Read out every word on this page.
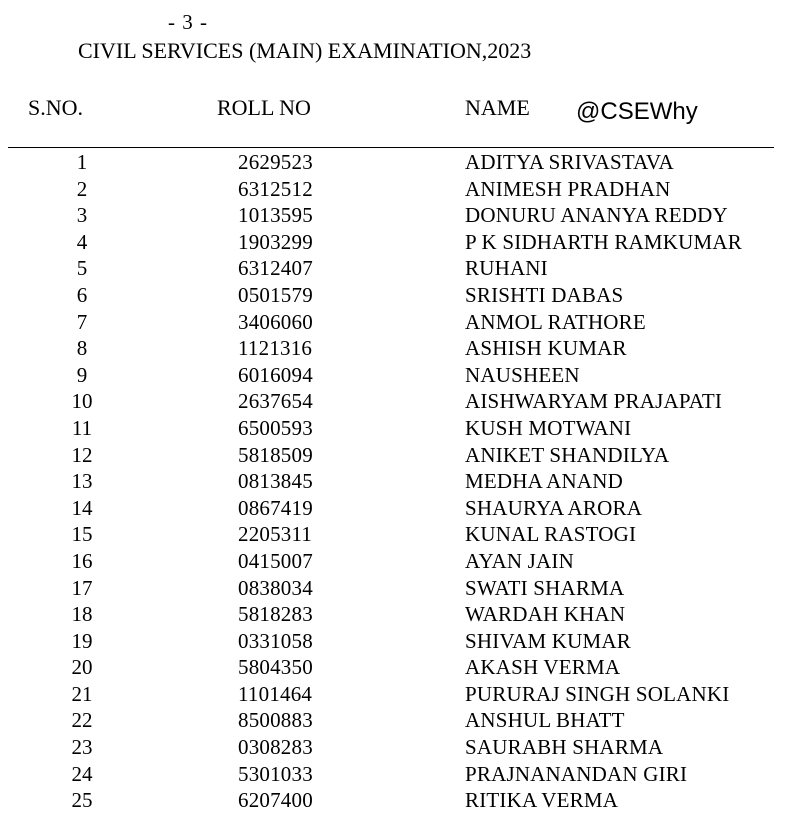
- 3 -
CIVIL SERVICES (MAIN) EXAMINATION,2023
S.NO.	ROLL NO	NAME @CSEWhy
1	2629523	ADITYA SRIVASTAVA
2	6312512	ANIMESH PRADHAN
3	1013595	DONURU ANANYA REDDY
4	1903299	P K SIDHARTH RAMKUMAR
5	6312407	RUHANI
6	0501579	SRISHTI DABAS
7	3406060	ANMOL RATHORE
8	1121316	ASHISH KUMAR
9	6016094	NAUSHEEN
10	2637654	AISHWARYAM PRAJAPATI
11	6500593	KUSH MOTWANI
12	5818509	ANIKET SHANDILYA
13	0813845	MEDHA ANAND
14	0867419	SHAURYA ARORA
15	2205311	KUNAL RASTOGI
16	0415007	AYAN JAIN
17	0838034	SWATI SHARMA
18	5818283	WARDAH KHAN
19	0331058	SHIVAM KUMAR
20	5804350	AKASH VERMA
21	1101464	PURURAJ SINGH SOLANKI
22	8500883	ANSHUL BHATT
23	0308283	SAURABH SHARMA
24	5301033	PRAJNANANDAN GIRI
25	6207400	RITIKA VERMA
